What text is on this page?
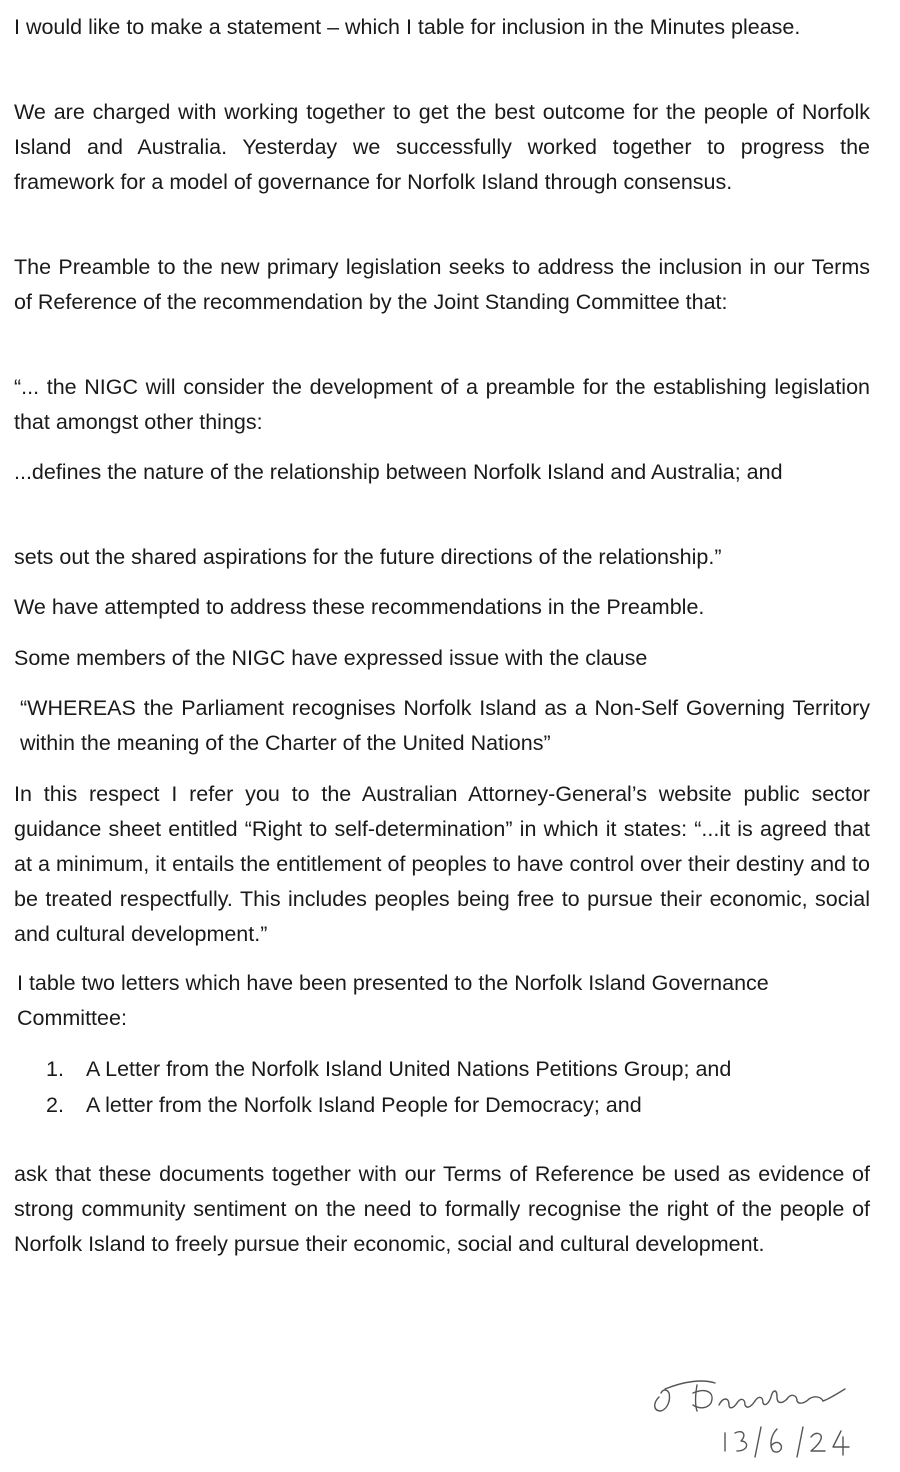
I would like to make a statement – which I table for inclusion in the Minutes please.

We are charged with working together to get the best outcome for the people of Norfolk Island and Australia. Yesterday we successfully worked together to progress the framework for a model of governance for Norfolk Island through consensus.

The Preamble to the new primary legislation seeks to address the inclusion in our Terms of Reference of the recommendation by the Joint Standing Committee that:

“... the NIGC will consider the development of a preamble for the establishing legislation that amongst other things:

...defines the nature of the relationship between Norfolk Island and Australia; and

sets out the shared aspirations for the future directions of the relationship.”

We have attempted to address these recommendations in the Preamble.

Some members of the NIGC have expressed issue with the clause

“WHEREAS the Parliament recognises Norfolk Island as a Non-Self Governing Territory within the meaning of the Charter of the United Nations”

In this respect I refer you to the Australian Attorney-General’s website public sector guidance sheet entitled “Right to self-determination” in which it states: “...it is agreed that at a minimum, it entails the entitlement of peoples to have control over their destiny and to be treated respectfully. This includes peoples being free to pursue their economic, social and cultural development.”

I table two letters which have been presented to the Norfolk Island Governance Committee:

1. A Letter from the Norfolk Island United Nations Petitions Group; and
2. A letter from the Norfolk Island People for Democracy; and

ask that these documents together with our Terms of Reference be used as evidence of strong community sentiment on the need to formally recognise the right of the people of Norfolk Island to freely pursue their economic, social and cultural development.
